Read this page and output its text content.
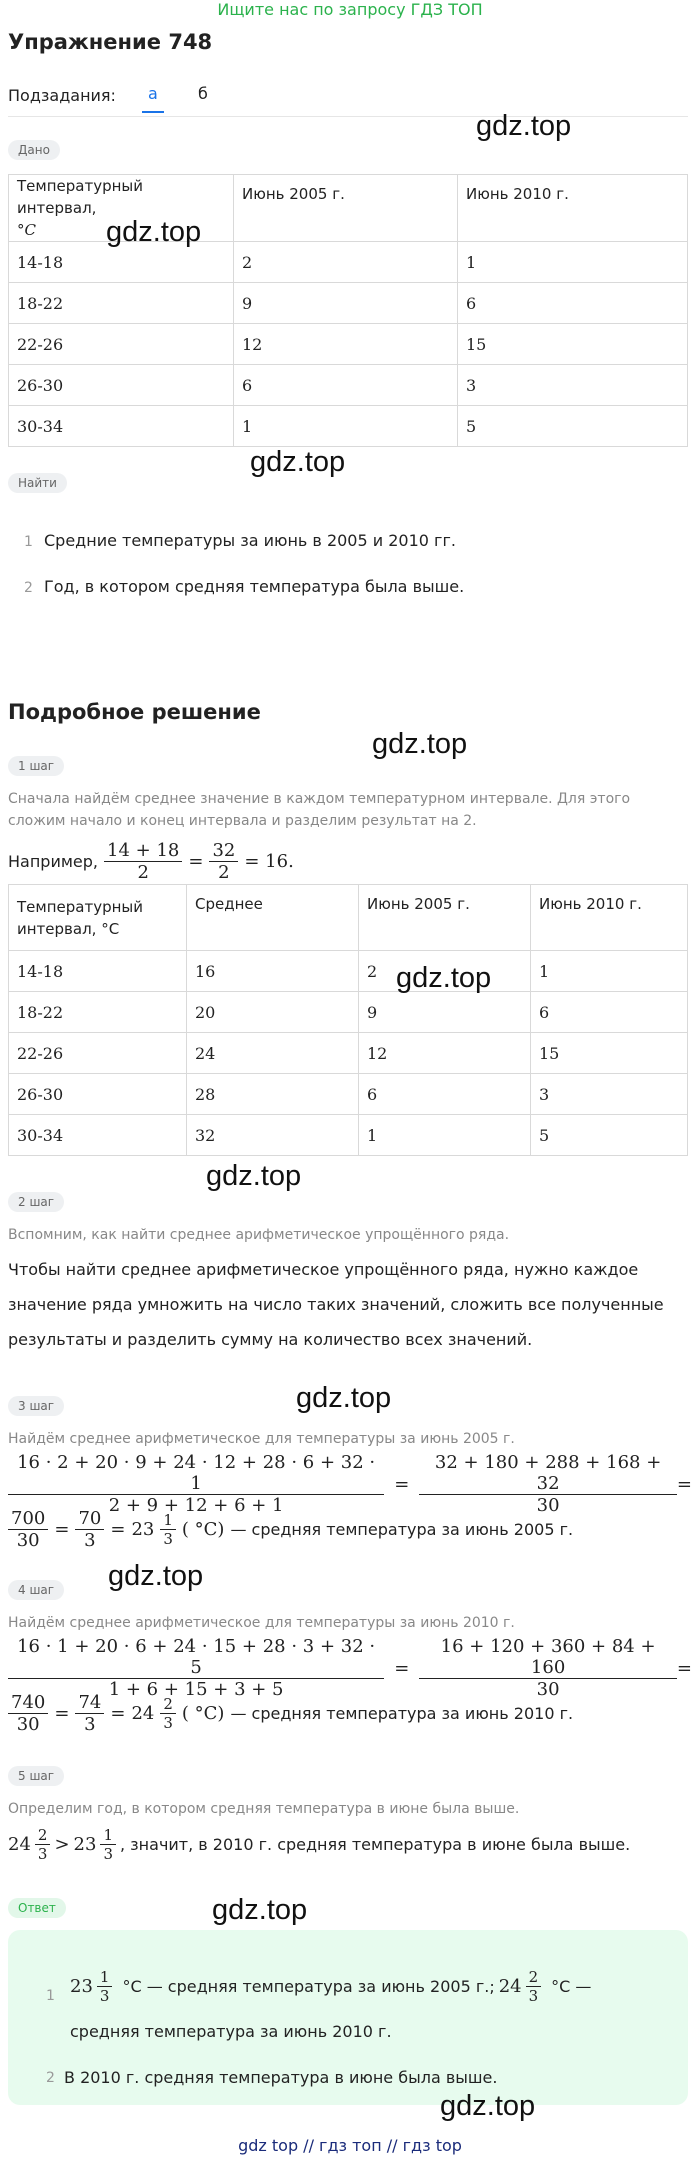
Ищите нас по запросу ГДЗ ТОП
Упражнение 748
Подзадания:	а	б
Дано
Температурный интервал,
°C	Июнь 2005 г.	Июнь 2010 г.
14-18	2	1
18-22	9	6
22-26	12	15
26-30	6	3
30-34	1	5
Найти
1 Средние температуры за июнь в 2005 и 2010 гг.
2 Год, в котором средняя температура была выше.
Подробное решение
1 шаг
Сначала найдём среднее значение в каждом температурном интервале. Для этого
сложим начало и конец интервала и разделим результат на 2.
Например, $\frac{14 + 18}{2} = \frac{32}{2} = 16$.
Температурный
интервал, °C	Среднее	Июнь 2005 г.	Июнь 2010 г.
14-18	16	2	1
18-22	20	9	6
22-26	24	12	15
26-30	28	6	3
30-34	32	1	5
2 шаг
Вспомним, как найти среднее арифметическое упрощённого ряда.
Чтобы найти среднее арифметическое упрощённого ряда, нужно каждое
значение ряда умножить на число таких значений, сложить все полученные
результаты и разделить сумму на количество всех значений.
3 шаг
Найдём среднее арифметическое для температуры за июнь 2005 г.
$\frac{16 \cdot 2 + 20 \cdot 9 + 24 \cdot 12 + 28 \cdot 6 + 32 \cdot 1}{2 + 9 + 12 + 6 + 1} = \frac{32 + 180 + 288 + 168 + 32}{30}$ =
$\frac{700}{30} = \frac{70}{3} = 23 \frac{1}{3}$ ( °C) — средняя температура за июнь 2005 г.
4 шаг
Найдём среднее арифметическое для температуры за июнь 2010 г.
$\frac{16 \cdot 1 + 20 \cdot 6 + 24 \cdot 15 + 28 \cdot 3 + 32 \cdot 5}{1 + 6 + 15 + 3 + 5} = \frac{16 + 120 + 360 + 84 + 160}{30}$ =
$\frac{740}{30} = \frac{74}{3} = 24 \frac{2}{3}$ ( °C) — средняя температура за июнь 2010 г.
5 шаг
Определим год, в котором средняя температура в июне была выше.
$24 \frac{2}{3} > 23 \frac{1}{3}$ , значит, в 2010 г. средняя температура в июне была выше.
Ответ
1 $23 \frac{1}{3} ^\circ C$ — средняя температура за июнь 2005 г.; $24 \frac{2}{3} ^\circ C$ —
средняя температура за июнь 2010 г.
2 В 2010 г. средняя температура в июне была выше.
gdz.top
gdz.top
gdz.top
gdz.top
gdz.top
gdz.top
gdz.top
gdz.top
gdz.top
gdz.top
gdz top // гдз топ // гдз top
